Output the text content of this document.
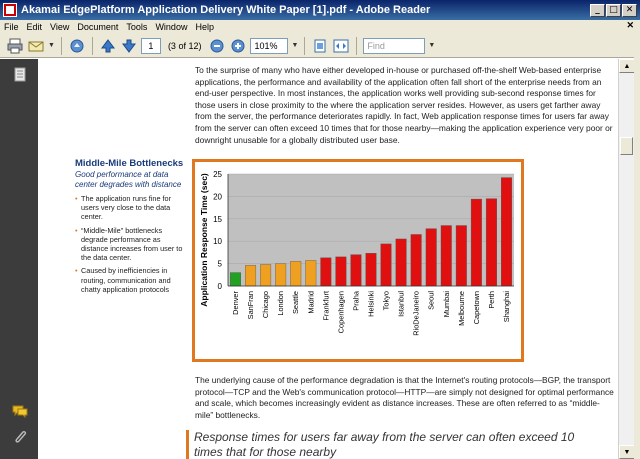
Akamai EdgePlatform Application Delivery White Paper [1].pdf - Adobe Reader	_	□ ✕
File Edit View Document Tools Window Help	✕
▼	1	(3 of 12)	101%	▼	Find	▼
To the surprise of many who have either developed in-house or purchased off-the-shelf Web-based enterprise applications, the performance and availability of the application often fall short of the enterprise needs from an end-user perspective. In most instances, the application works well providing sub-second response times for those users in close proximity to the where the application server resides. However, as users get farther away from the server, the performance deteriorates rapidly. In fact, Web application response times for users far away from the server can often exceed 10 times that for those nearby—making the application experience very poor or downright unusable for a globally distributed user base.
Middle-Mile Bottlenecks
Good performance at data center degrades with distance
• The application runs fine for users very close to the data center.
• “Middle-Mile” bottlenecks degrade performance as distance increases from user to the data center.
• Caused by inefficiencies in routing, communication and chatty application protocols	0
5
10
15
20
25
Application Response Time (sec)	Denver SanFran Chicago London Seattle Madrid Frankfurt Copenhagen Praha Helsinki Tokyo Istanbul RioDeJaneiro Seoul Mumbai Melbourne Capetown Perth Shanghai
The underlying cause of the performance degradation is that the Internet's routing protocols—BGP, the transport protocol—TCP and the Web's communication protocol—HTTP—are simply not designed for optimal performance and scale, which becomes increasingly evident as distance increases. These are often referred to as “middle-mile” bottlenecks.
Response times for users far away from the server can often exceed 10 times that for those nearby
▲
▼
